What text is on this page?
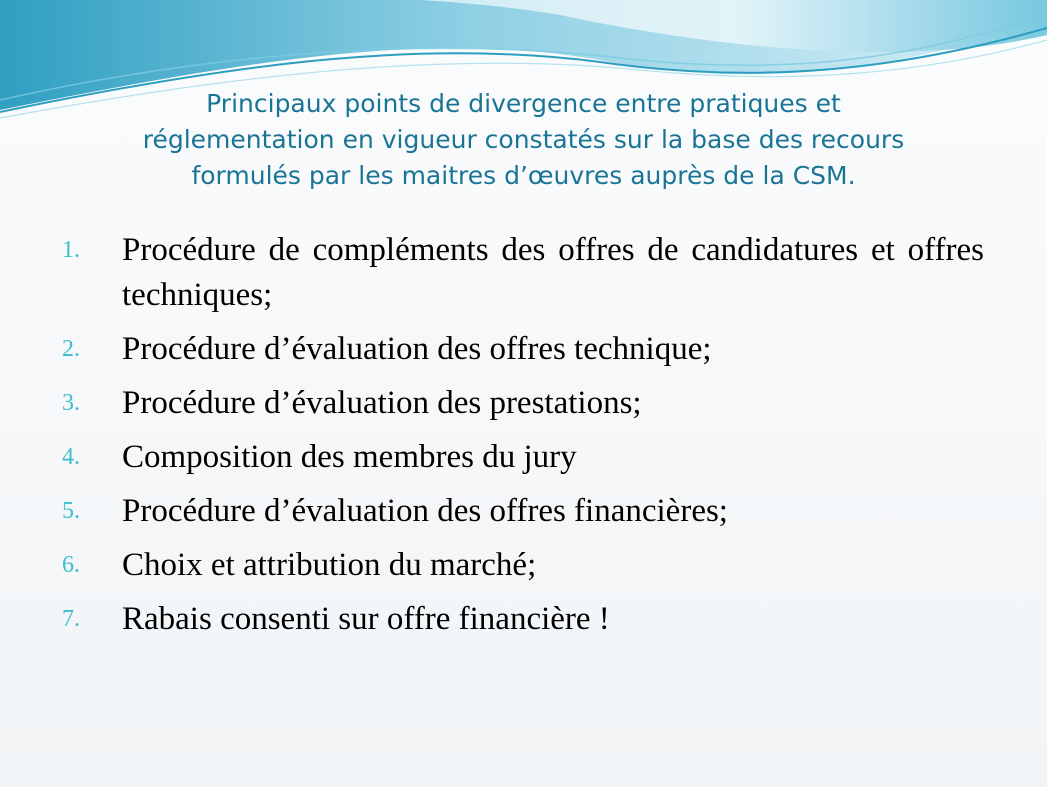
Principaux points de divergence entre pratiques et
réglementation en vigueur constatés sur la base des recours
formulés par les maitres d’œuvres auprès de la CSM.
1.	Procédure de compléments des offres de candidatures et offres techniques;
2.	Procédure d’évaluation des offres technique;
3.	Procédure d’évaluation des prestations;
4.	Composition des membres du jury
5.	Procédure d’évaluation des offres financières;
6.	Choix et attribution du marché;
7.	Rabais consenti sur offre financière !
